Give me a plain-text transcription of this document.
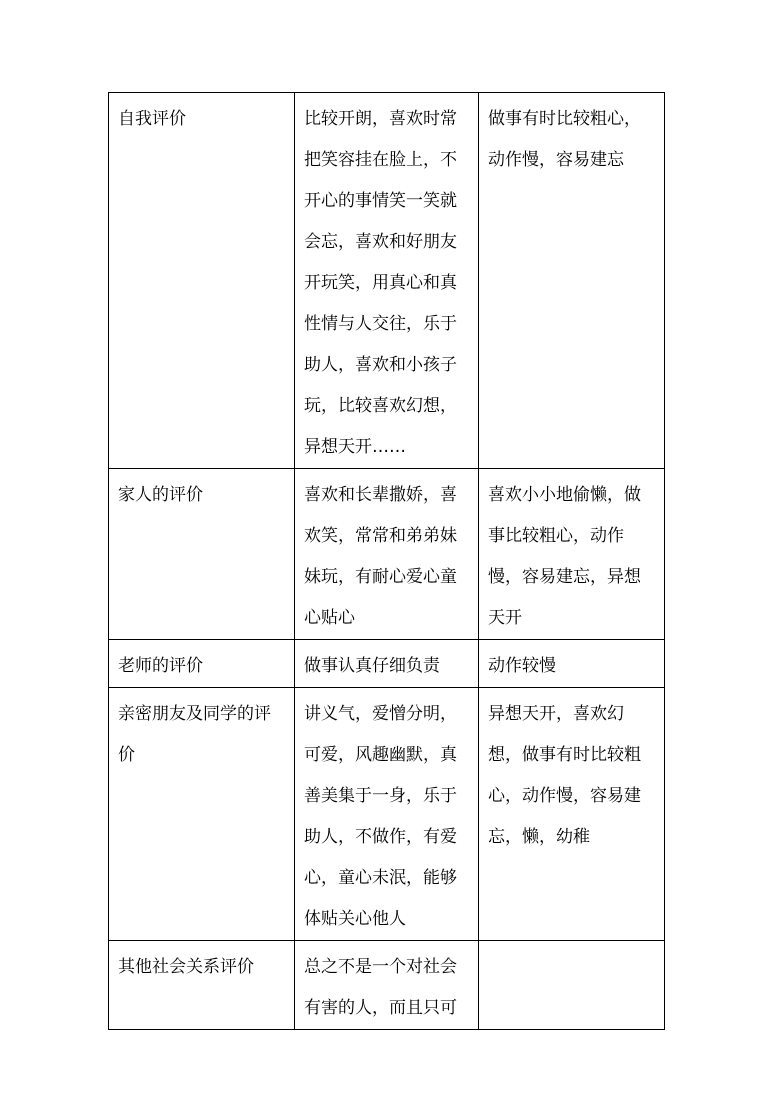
自我评价	比较开朗，喜欢时常把笑容挂在脸上，不开心的事情笑一笑就会忘，喜欢和好朋友开玩笑，用真心和真性情与人交往，乐于助人，喜欢和小孩子玩，比较喜欢幻想，异想天开……	做事有时比较粗心，动作慢，容易建忘

家人的评价	喜欢和长辈撒娇，喜欢笑，常常和弟弟妹妹玩，有耐心爱心童心贴心	喜欢小小地偷懒，做事比较粗心，动作慢，容易建忘，异想天开

老师的评价	做事认真仔细负责	动作较慢

亲密朋友及同学的评价	讲义气，爱憎分明，可爱，风趣幽默，真善美集于一身，乐于助人，不做作，有爱心，童心未泯，能够体贴关心他人	异想天开，喜欢幻想，做事有时比较粗心，动作慢，容易建忘，懒，幼稚

其他社会关系评价	总之不是一个对社会有害的人，而且只可	
